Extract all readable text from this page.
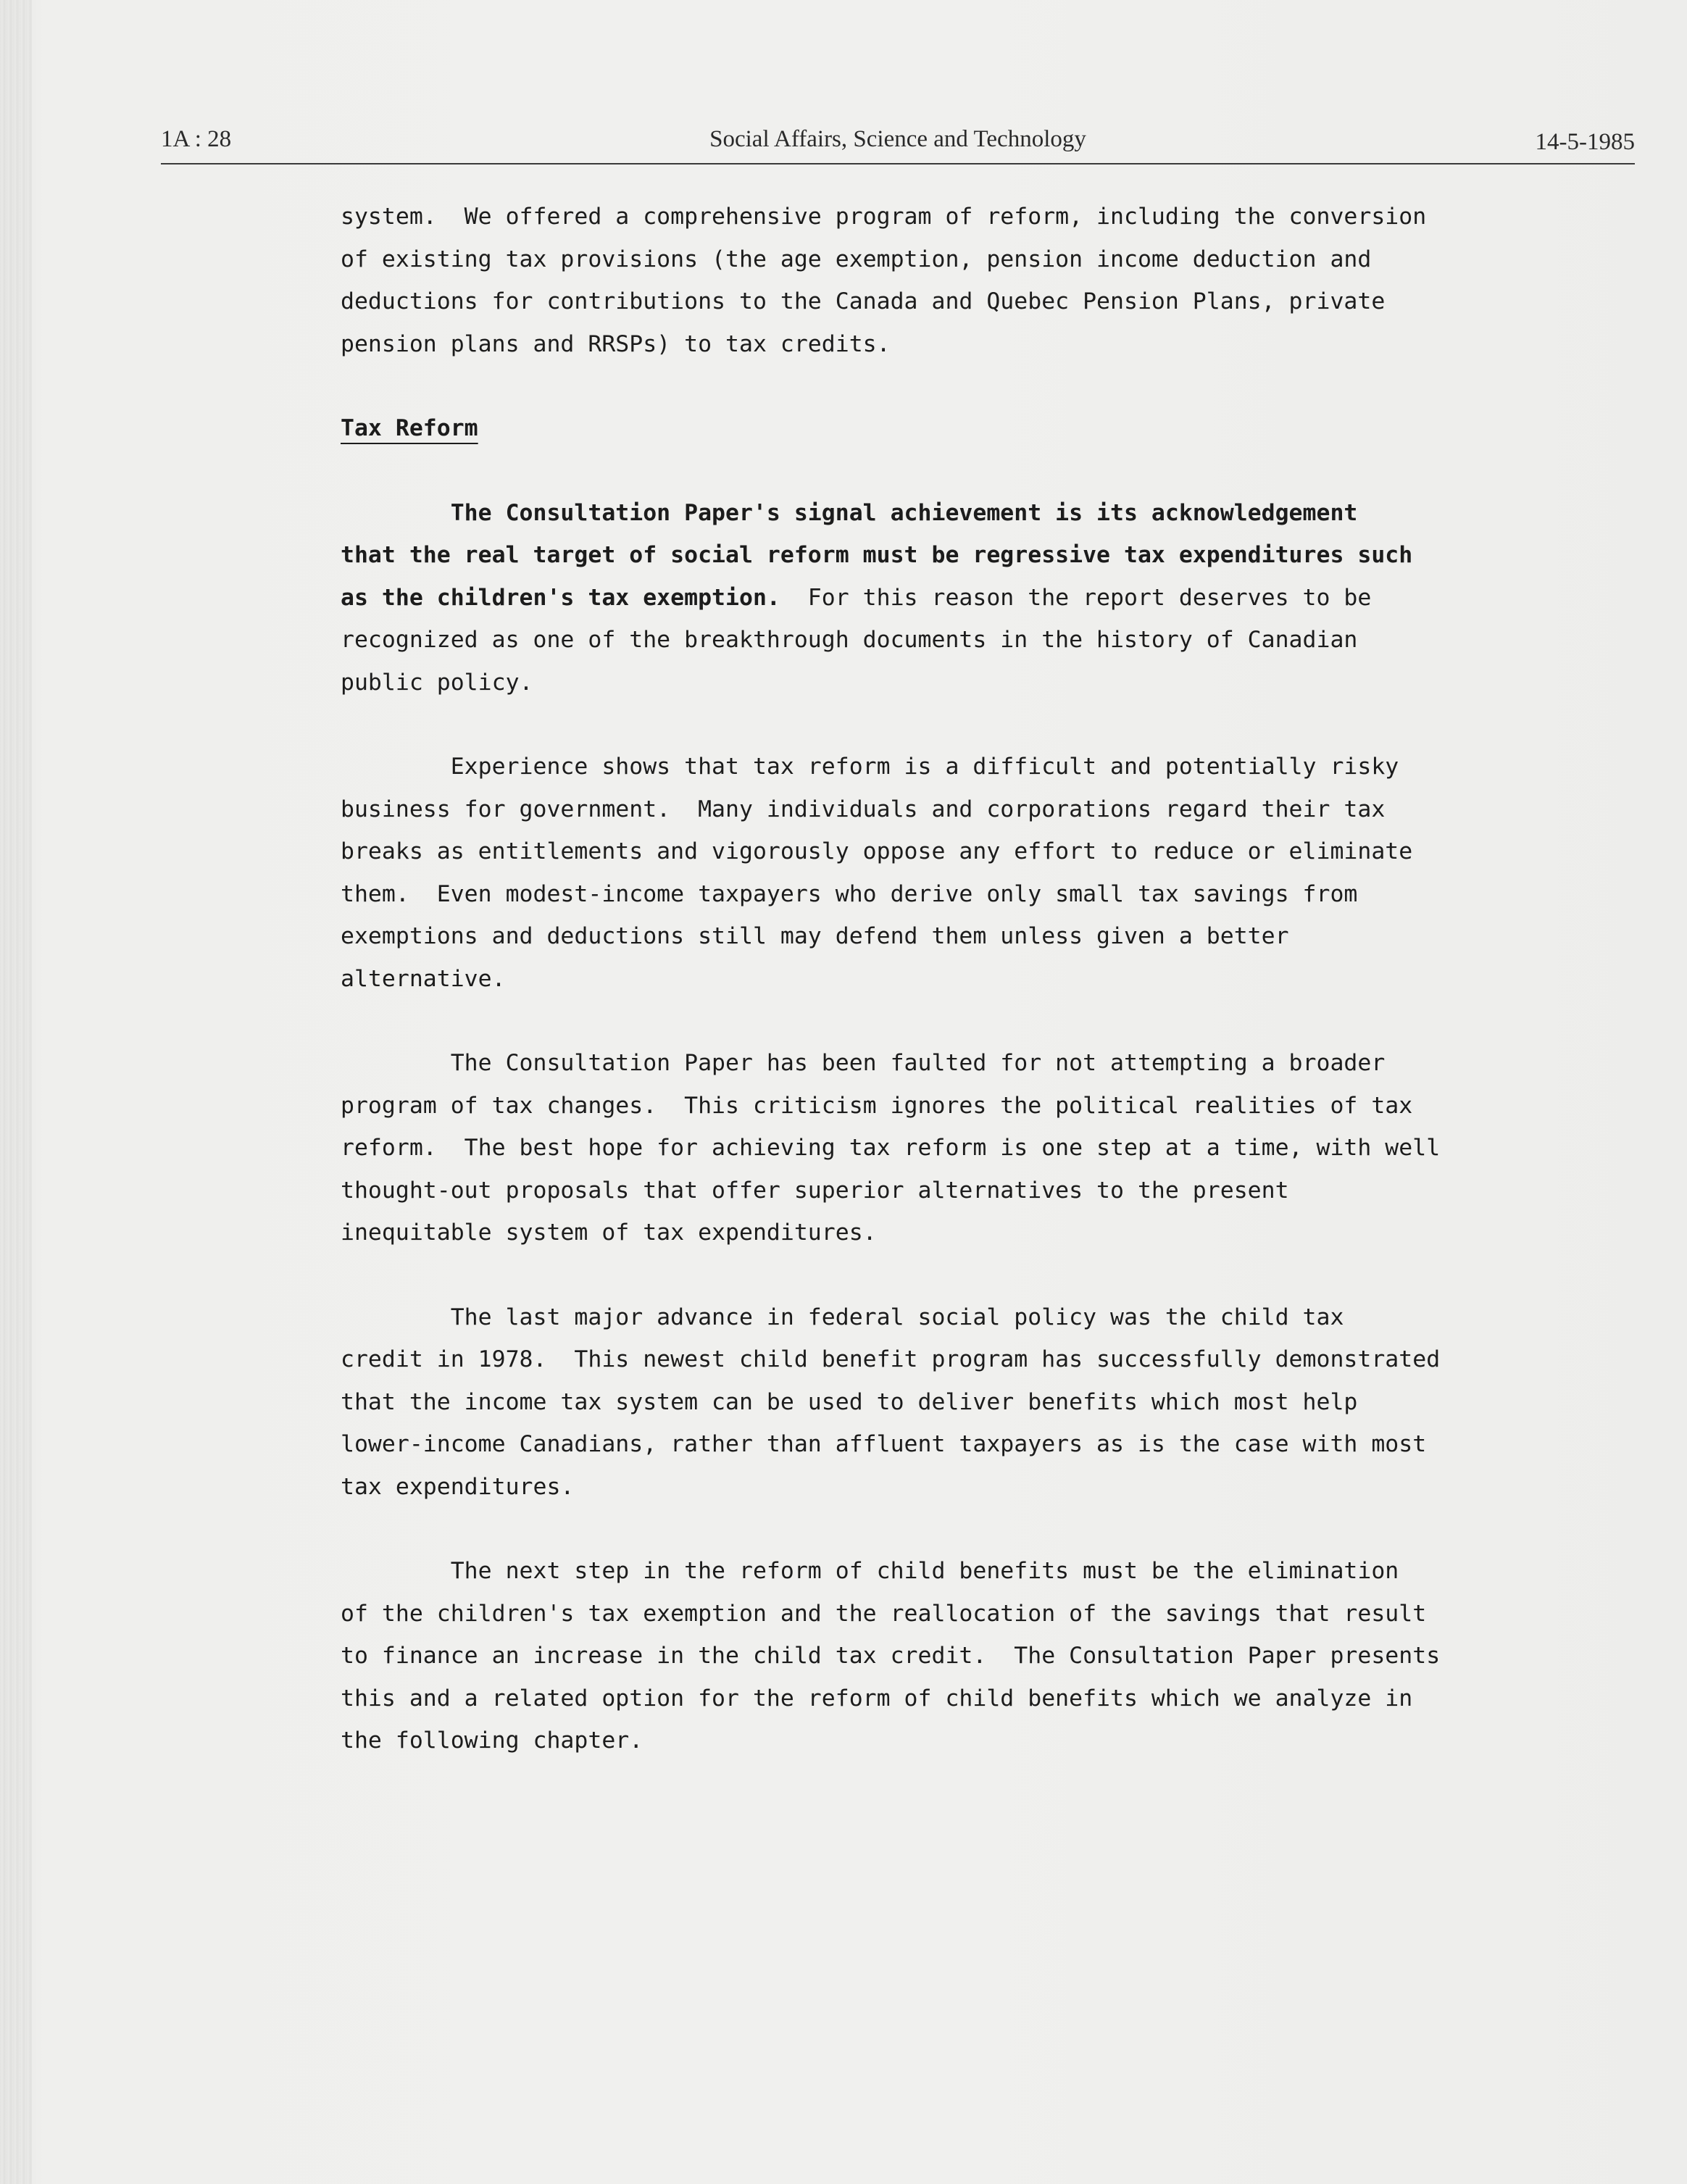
1A : 28	Social Affairs, Science and Technology	14-5-1985

system.  We offered a comprehensive program of reform, including the conversion

of existing tax provisions (the age exemption, pension income deduction and

deductions for contributions to the Canada and Quebec Pension Plans, private

pension plans and RRSPs) to tax credits.

Tax Reform

The Consultation Paper's signal achievement is its acknowledgement

that the real target of social reform must be regressive tax expenditures such

as the children's tax exemption.  For this reason the report deserves to be

recognized as one of the breakthrough documents in the history of Canadian

public policy.

Experience shows that tax reform is a difficult and potentially risky

business for government.  Many individuals and corporations regard their tax

breaks as entitlements and vigorously oppose any effort to reduce or eliminate

them.  Even modest-income taxpayers who derive only small tax savings from

exemptions and deductions still may defend them unless given a better

alternative.

The Consultation Paper has been faulted for not attempting a broader

program of tax changes.  This criticism ignores the political realities of tax

reform.  The best hope for achieving tax reform is one step at a time, with well

thought-out proposals that offer superior alternatives to the present

inequitable system of tax expenditures.

The last major advance in federal social policy was the child tax

credit in 1978.  This newest child benefit program has successfully demonstrated

that the income tax system can be used to deliver benefits which most help

lower-income Canadians, rather than affluent taxpayers as is the case with most

tax expenditures.

The next step in the reform of child benefits must be the elimination

of the children's tax exemption and the reallocation of the savings that result

to finance an increase in the child tax credit.  The Consultation Paper presents

this and a related option for the reform of child benefits which we analyze in

the following chapter.
